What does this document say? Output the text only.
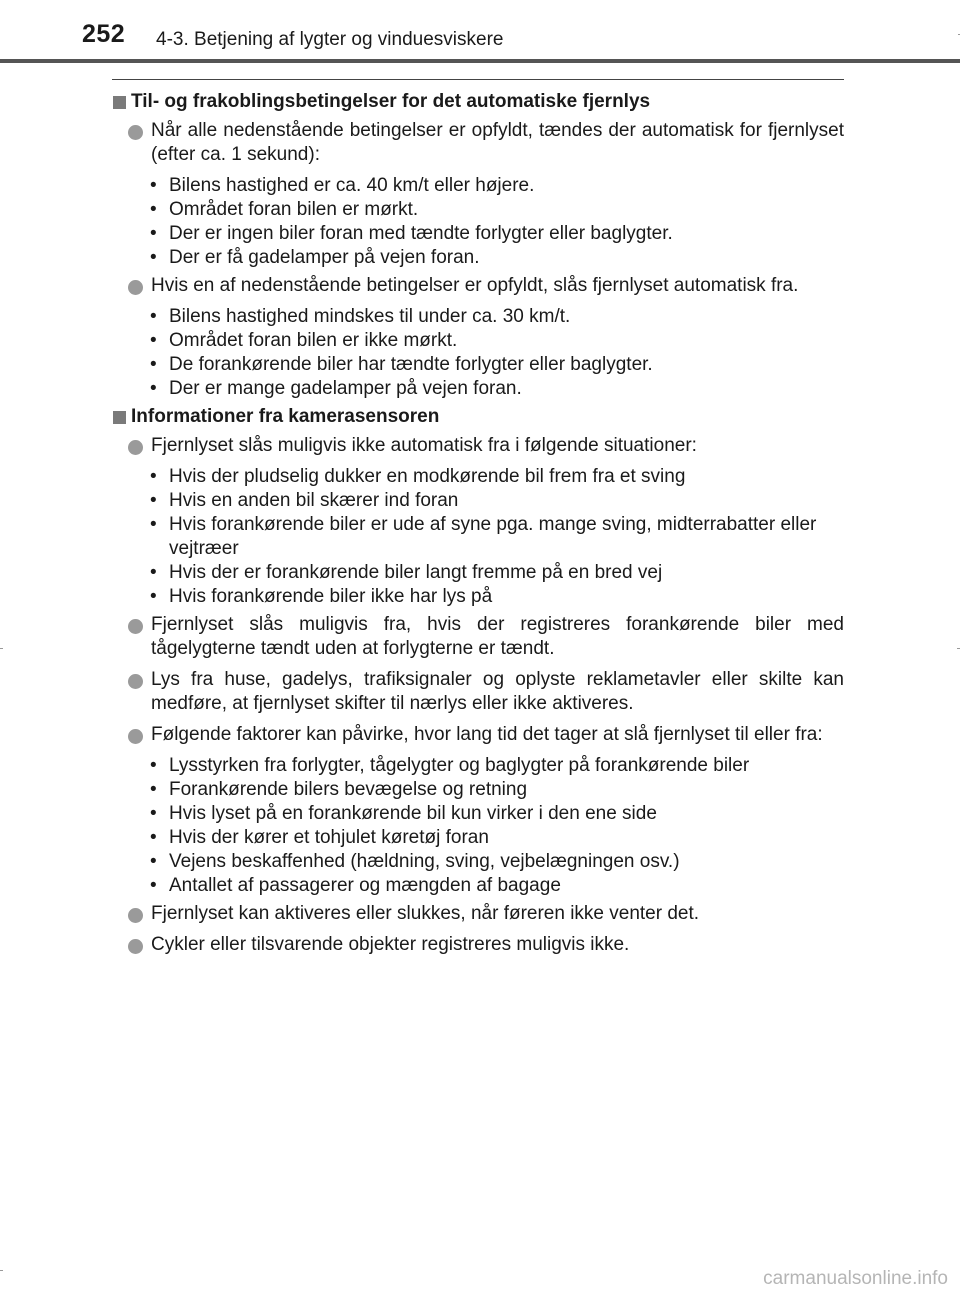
252 4-3. Betjening af lygter og vinduesviskere
Til- og frakoblingsbetingelser for det automatiske fjernlys
Når alle nedenstående betingelser er opfyldt, tændes der automatisk for fjernlyset (efter ca. 1 sekund):
• Bilens hastighed er ca. 40 km/t eller højere.
• Området foran bilen er mørkt.
• Der er ingen biler foran med tændte forlygter eller baglygter.
• Der er få gadelamper på vejen foran.
Hvis en af nedenstående betingelser er opfyldt, slås fjernlyset automatisk fra.
• Bilens hastighed mindskes til under ca. 30 km/t.
• Området foran bilen er ikke mørkt.
• De forankørende biler har tændte forlygter eller baglygter.
• Der er mange gadelamper på vejen foran.
Informationer fra kamerasensoren
Fjernlyset slås muligvis ikke automatisk fra i følgende situationer:
• Hvis der pludselig dukker en modkørende bil frem fra et sving
• Hvis en anden bil skærer ind foran
• Hvis forankørende biler er ude af syne pga. mange sving, midterrabatter eller vejtræer
• Hvis der er forankørende biler langt fremme på en bred vej
• Hvis forankørende biler ikke har lys på
Fjernlyset slås muligvis fra, hvis der registreres forankørende biler med tågelygterne tændt uden at forlygterne er tændt.
Lys fra huse, gadelys, trafiksignaler og oplyste reklametavler eller skilte kan medføre, at fjernlyset skifter til nærlys eller ikke aktiveres.
Følgende faktorer kan påvirke, hvor lang tid det tager at slå fjernlyset til eller fra:
• Lysstyrken fra forlygter, tågelygter og baglygter på forankørende biler
• Forankørende bilers bevægelse og retning
• Hvis lyset på en forankørende bil kun virker i den ene side
• Hvis der kører et tohjulet køretøj foran
• Vejens beskaffenhed (hældning, sving, vejbelægningen osv.)
• Antallet af passagerer og mængden af bagage
Fjernlyset kan aktiveres eller slukkes, når føreren ikke venter det.
Cykler eller tilsvarende objekter registreres muligvis ikke.
carmanualsonline.info
